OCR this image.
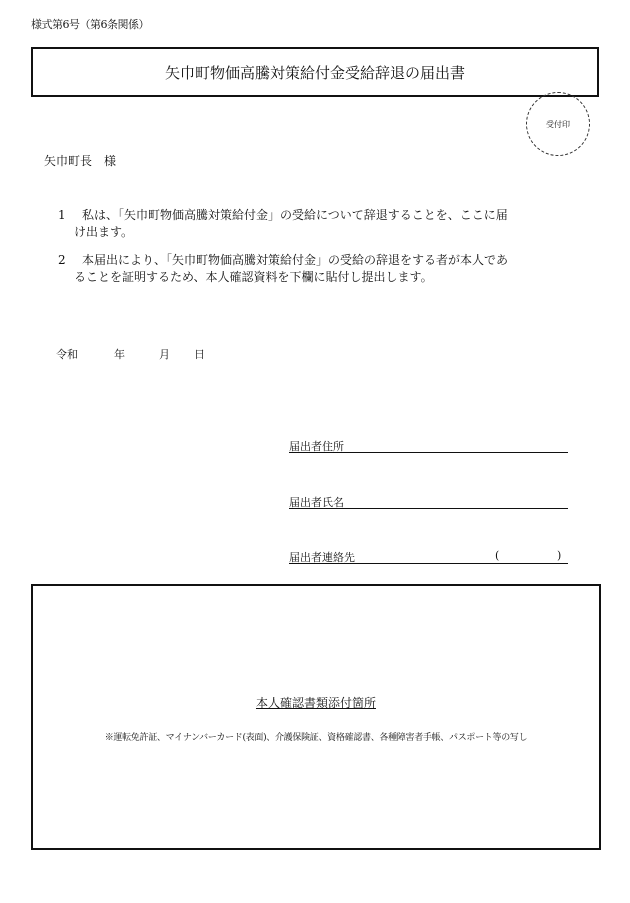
様式第6号（第6条関係）
矢巾町物価高騰対策給付金受給辞退の届出書
受付印
矢巾町長　様
1 私は、「矢巾町物価高騰対策給付金」の受給について辞退することを、ここに届
け出ます。
2 本届出により、「矢巾町物価高騰対策給付金」の受給の辞退をする者が本人であ
ることを証明するため、本人確認資料を下欄に貼付し提出します。
令和	年	月	日
届出者住所
届出者氏名
届出者連絡先	(	)
本人確認書類添付箇所
※運転免許証、マイナンバーカード(表面)、介護保険証、資格確認書、各種障害者手帳、パスポート等の写し
